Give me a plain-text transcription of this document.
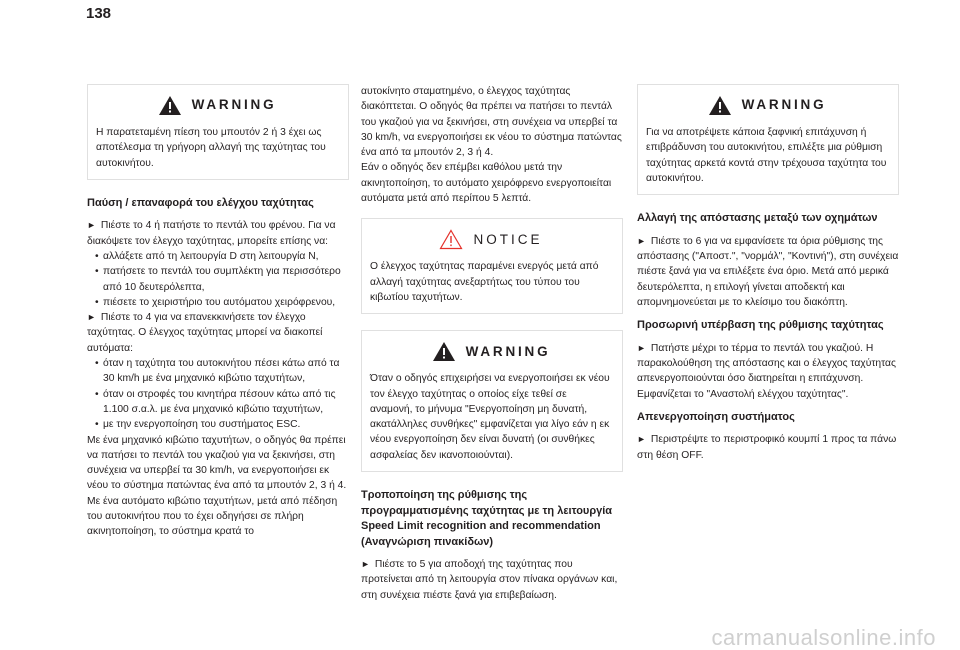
138
WARNING
Η παρατεταμένη πίεση του μπουτόν 2 ή 3 έχει ως αποτέλεσμα τη γρήγορη αλλαγή της ταχύτητας του αυτοκινήτου.
Παύση / επαναφορά του ελέγχου ταχύτητας

► Πιέστε το 4 ή πατήστε το πεντάλ του φρένου. Για να διακόψετε τον έλεγχο ταχύτητας, μπορείτε επίσης να:

• αλλάξετε από τη λειτουργία D στη λειτουργία N,
• πατήσετε το πεντάλ του συμπλέκτη για περισσότερο από 10 δευτερόλεπτα,
• πιέσετε το χειριστήριο του αυτόματου χειρόφρενου,

► Πιέστε το 4 για να επανεκκινήσετε τον έλεγχο ταχύτητας. Ο έλεγχος ταχύτητας μπορεί να διακοπεί αυτόματα:

• όταν η ταχύτητα του αυτοκινήτου πέσει κάτω από τα 30 km/h με ένα μηχανικό κιβώτιο ταχυτήτων,
• όταν οι στροφές του κινητήρα πέσουν κάτω από τις 1.100 σ.α.λ. με ένα μηχανικό κιβώτιο ταχυτήτων,
• με την ενεργοποίηση του συστήματος ESC.

Με ένα μηχανικό κιβώτιο ταχυτήτων, ο οδηγός θα πρέπει να πατήσει το πεντάλ του γκαζιού για να ξεκινήσει, στη συνέχεια να υπερβεί τα 30 km/h, να ενεργοποιήσει εκ νέου το σύστημα πατώντας ένα από τα μπουτόν 2, 3 ή 4.

Με ένα αυτόματο κιβώτιο ταχυτήτων, μετά από πέδηση του αυτοκινήτου που το έχει οδηγήσει σε πλήρη ακινητοποίηση, το σύστημα κρατά το

αυτοκίνητο σταματημένο, ο έλεγχος ταχύτητας διακόπτεται. Ο οδηγός θα πρέπει να πατήσει το πεντάλ του γκαζιού για να ξεκινήσει, στη συνέχεια να υπερβεί τα 30 km/h, να ενεργοποιήσει εκ νέου το σύστημα πατώντας ένα από τα μπουτόν 2, 3 ή 4.

Εάν ο οδηγός δεν επέμβει καθόλου μετά την ακινητοποίηση, το αυτόματο χειρόφρενο ενεργοποιείται αυτόματα μετά από περίπου 5 λεπτά.

NOTICE
Ο έλεγχος ταχύτητας παραμένει ενεργός μετά από αλλαγή ταχύτητας ανεξαρτήτως του τύπου του κιβωτίου ταχυτήτων.
WARNING
Όταν ο οδηγός επιχειρήσει να ενεργοποιήσει εκ νέου τον έλεγχο ταχύτητας ο οποίος είχε τεθεί σε αναμονή, το μήνυμα "Ενεργοποίηση μη δυνατή, ακατάλληλες συνθήκες" εμφανίζεται για λίγο εάν η εκ νέου ενεργοποίηση δεν είναι δυνατή (οι συνθήκες ασφαλείας δεν ικανοποιούνται).
Τροποποίηση της ρύθμισης της προγραμματισμένης ταχύτητας με τη λειτουργία Speed Limit recognition and recommendation (Αναγνώριση πινακίδων)

► Πιέστε το 5 για αποδοχή της ταχύτητας που προτείνεται από τη λειτουργία στον πίνακα οργάνων και, στη συνέχεια πιέστε ξανά για επιβεβαίωση.

WARNING
Για να αποτρέψετε κάποια ξαφνική επιτάχυνση ή επιβράδυνση του αυτοκινήτου, επιλέξτε μια ρύθμιση ταχύτητας αρκετά κοντά στην τρέχουσα ταχύτητα του αυτοκινήτου.
Αλλαγή της απόστασης μεταξύ των οχημάτων

► Πιέστε το 6 για να εμφανίσετε τα όρια ρύθμισης της απόστασης ("Αποστ.", "νορμάλ", "Κοντινή"), στη συνέχεια πιέστε ξανά για να επιλέξετε ένα όριο. Μετά από μερικά δευτερόλεπτα, η επιλογή γίνεται αποδεκτή και απομνημονεύεται με το κλείσιμο του διακόπτη.

Προσωρινή υπέρβαση της ρύθμισης ταχύτητας

► Πατήστε μέχρι το τέρμα το πεντάλ του γκαζιού. Η παρακολούθηση της απόστασης και ο έλεγχος ταχύτητας απενεργοποιούνται όσο διατηρείται η επιτάχυνση. Εμφανίζεται το "Αναστολή ελέγχου ταχύτητας".

Απενεργοποίηση συστήματος

► Περιστρέψτε το περιστροφικό κουμπί 1 προς τα πάνω στη θέση OFF.

carmanualsonline.info
